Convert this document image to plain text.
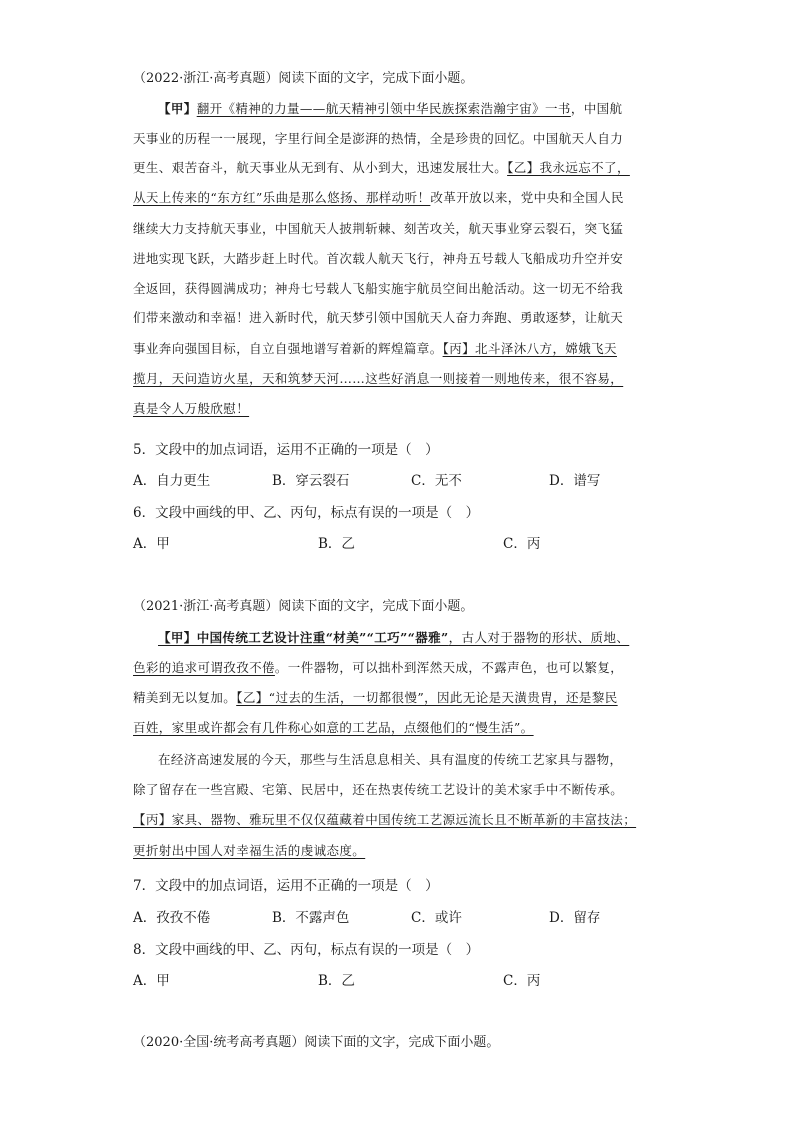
（2022·浙江·高考真题）阅读下面的文字，完成下面小题。
【甲】翻开《精神的力量——航天精神引领中华民族探索浩瀚宇宙》一书，中国航
天事业的历程一一展现，字里行间全是澎湃的热情，全是珍贵的回忆。中国航天人自力
更生、艰苦奋斗，航天事业从无到有、从小到大，迅速发展壮大。【乙】我永远忘不了，
从天上传来的“东方红”乐曲是那么悠扬、那样动听！改革开放以来，党中央和全国人民
继续大力支持航天事业，中国航天人披荆斩棘、刻苦攻关，航天事业穿云裂石，突飞猛
进地实现飞跃，大踏步赶上时代。首次载人航天飞行，神舟五号载人飞船成功升空并安
全返回，获得圆满成功；神舟七号载人飞船实施宇航员空间出舱活动。这一切无不给我
们带来激动和幸福！进入新时代，航天梦引领中国航天人奋力奔跑、勇敢逐梦，让航天
事业奔向强国目标，自立自强地谱写着新的辉煌篇章。【丙】北斗泽沐八方，嫦娥飞天
揽月，天问造访火星，天和筑梦天河……这些好消息一则接着一则地传来，很不容易，
真是令人万般欣慰！
5．文段中的加点词语，运用不正确的一项是（　）
A．自力更生	B．穿云裂石	C．无不	D．谱写
6．文段中画线的甲、乙、丙句，标点有误的一项是（　）
A．甲	B．乙	C．丙
（2021·浙江·高考真题）阅读下面的文字，完成下面小题。
【甲】中国传统工艺设计注重“材美”“工巧”“器雅”，古人对于器物的形状、质地、
色彩的追求可谓孜孜不倦。一件器物，可以拙朴到浑然天成，不露声色，也可以繁复，
精美到无以复加。【乙】“过去的生活，一切都很慢”，因此无论是天潢贵胄，还是黎民
百姓，家里或许都会有几件称心如意的工艺品，点缀他们的“慢生活”。
在经济高速发展的今天，那些与生活息息相关、具有温度的传统工艺家具与器物，
除了留存在一些宫殿、宅第、民居中，还在热衷传统工艺设计的美术家手中不断传承。
【丙】家具、器物、雅玩里不仅仅蕴藏着中国传统工艺源远流长且不断革新的丰富技法；
更折射出中国人对幸福生活的虔诚态度。
7．文段中的加点词语，运用不正确的一项是（　）
A．孜孜不倦	B．不露声色	C．或许	D．留存
8．文段中画线的甲、乙、丙句，标点有误的一项是（　）
A．甲	B．乙	C．丙
（2020·全国·统考高考真题）阅读下面的文字，完成下面小题。
